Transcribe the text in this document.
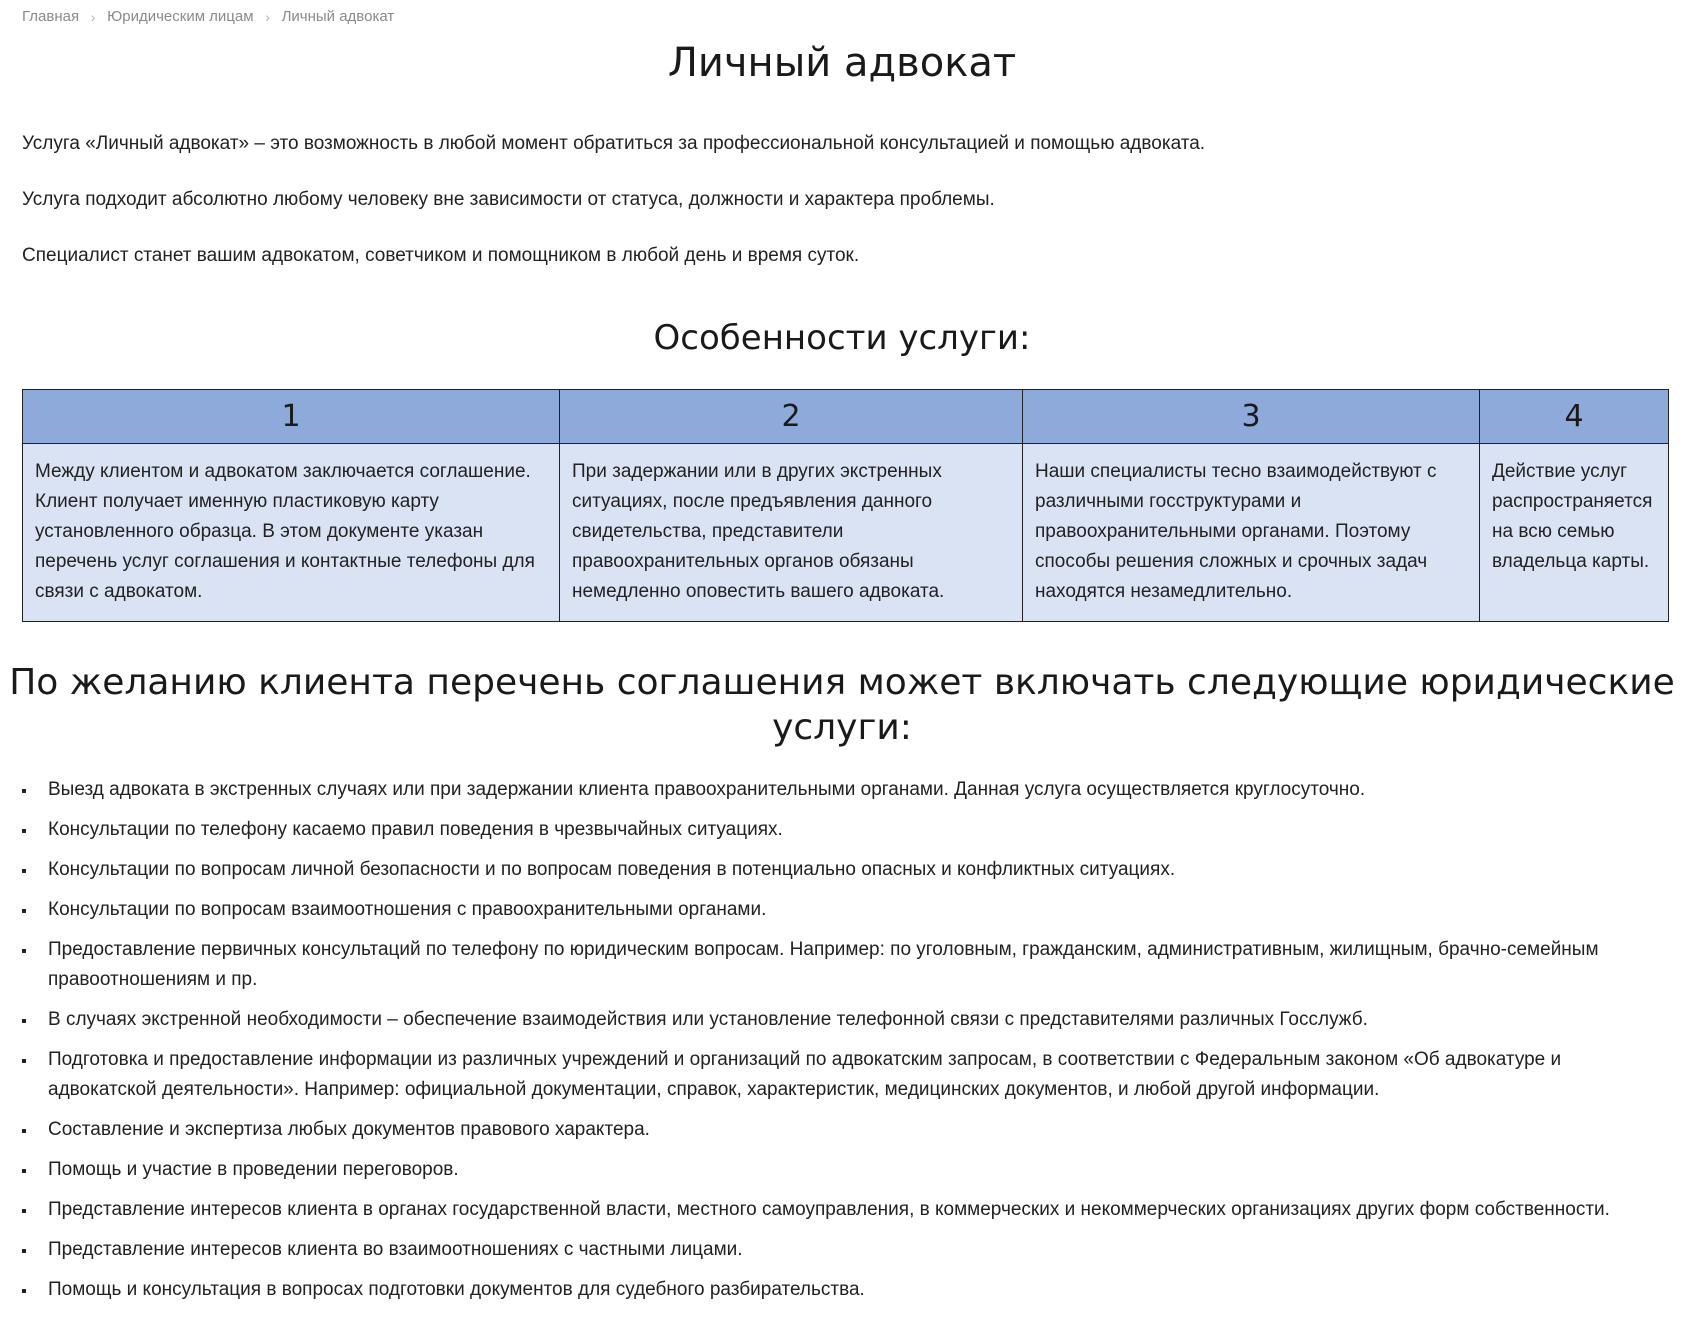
Главная › Юридическим лицам › Личный адвокат
Личный адвокат

Услуга «Личный адвокат» – это возможность в любой момент обратиться за профессиональной консультацией и помощью адвоката.

Услуга подходит абсолютно любому человеку вне зависимости от статуса, должности и характера проблемы.

Специалист станет вашим адвокатом, советчиком и помощником в любой день и время суток.

Особенности услуги:
1	2	3	4
Между клиентом и адвокатом заключается соглашение. Клиент получает именную пластиковую карту установленного образца. В этом документе указан перечень услуг соглашения и контактные телефоны для связи с адвокатом.	При задержании или в других экстренных ситуациях, после предъявления данного свидетельства, представители правоохранительных органов обязаны немедленно оповестить вашего адвоката.	Наши специалисты тесно взаимодействуют с различными госструктурами и правоохранительными органами. Поэтому способы решения сложных и срочных задач находятся незамедлительно.	Действие услуг распространяется на всю семью владельца карты.
По желанию клиента перечень соглашения может включать следующие юридические услуги:
Выезд адвоката в экстренных случаях или при задержании клиента правоохранительными органами. Данная услуга осуществляется круглосуточно.
Консультации по телефону касаемо правил поведения в чрезвычайных ситуациях.
Консультации по вопросам личной безопасности и по вопросам поведения в потенциально опасных и конфликтных ситуациях.
Консультации по вопросам взаимоотношения с правоохранительными органами.
Предоставление первичных консультаций по телефону по юридическим вопросам. Например: по уголовным, гражданским, административным, жилищным, брачно-семейным правоотношениям и пр.
В случаях экстренной необходимости – обеспечение взаимодействия или установление телефонной связи с представителями различных Госслужб.
Подготовка и предоставление информации из различных учреждений и организаций по адвокатским запросам, в соответствии с Федеральным законом «Об адвокатуре и адвокатской деятельности». Например: официальной документации, справок, характеристик, медицинских документов, и любой другой информации.
Составление и экспертиза любых документов правового характера.
Помощь и участие в проведении переговоров.
Представление интересов клиента в органах государственной власти, местного самоуправления, в коммерческих и некоммерческих организациях других форм собственности.
Представление интересов клиента во взаимоотношениях с частными лицами.
Помощь и консультация в вопросах подготовки документов для судебного разбирательства.
